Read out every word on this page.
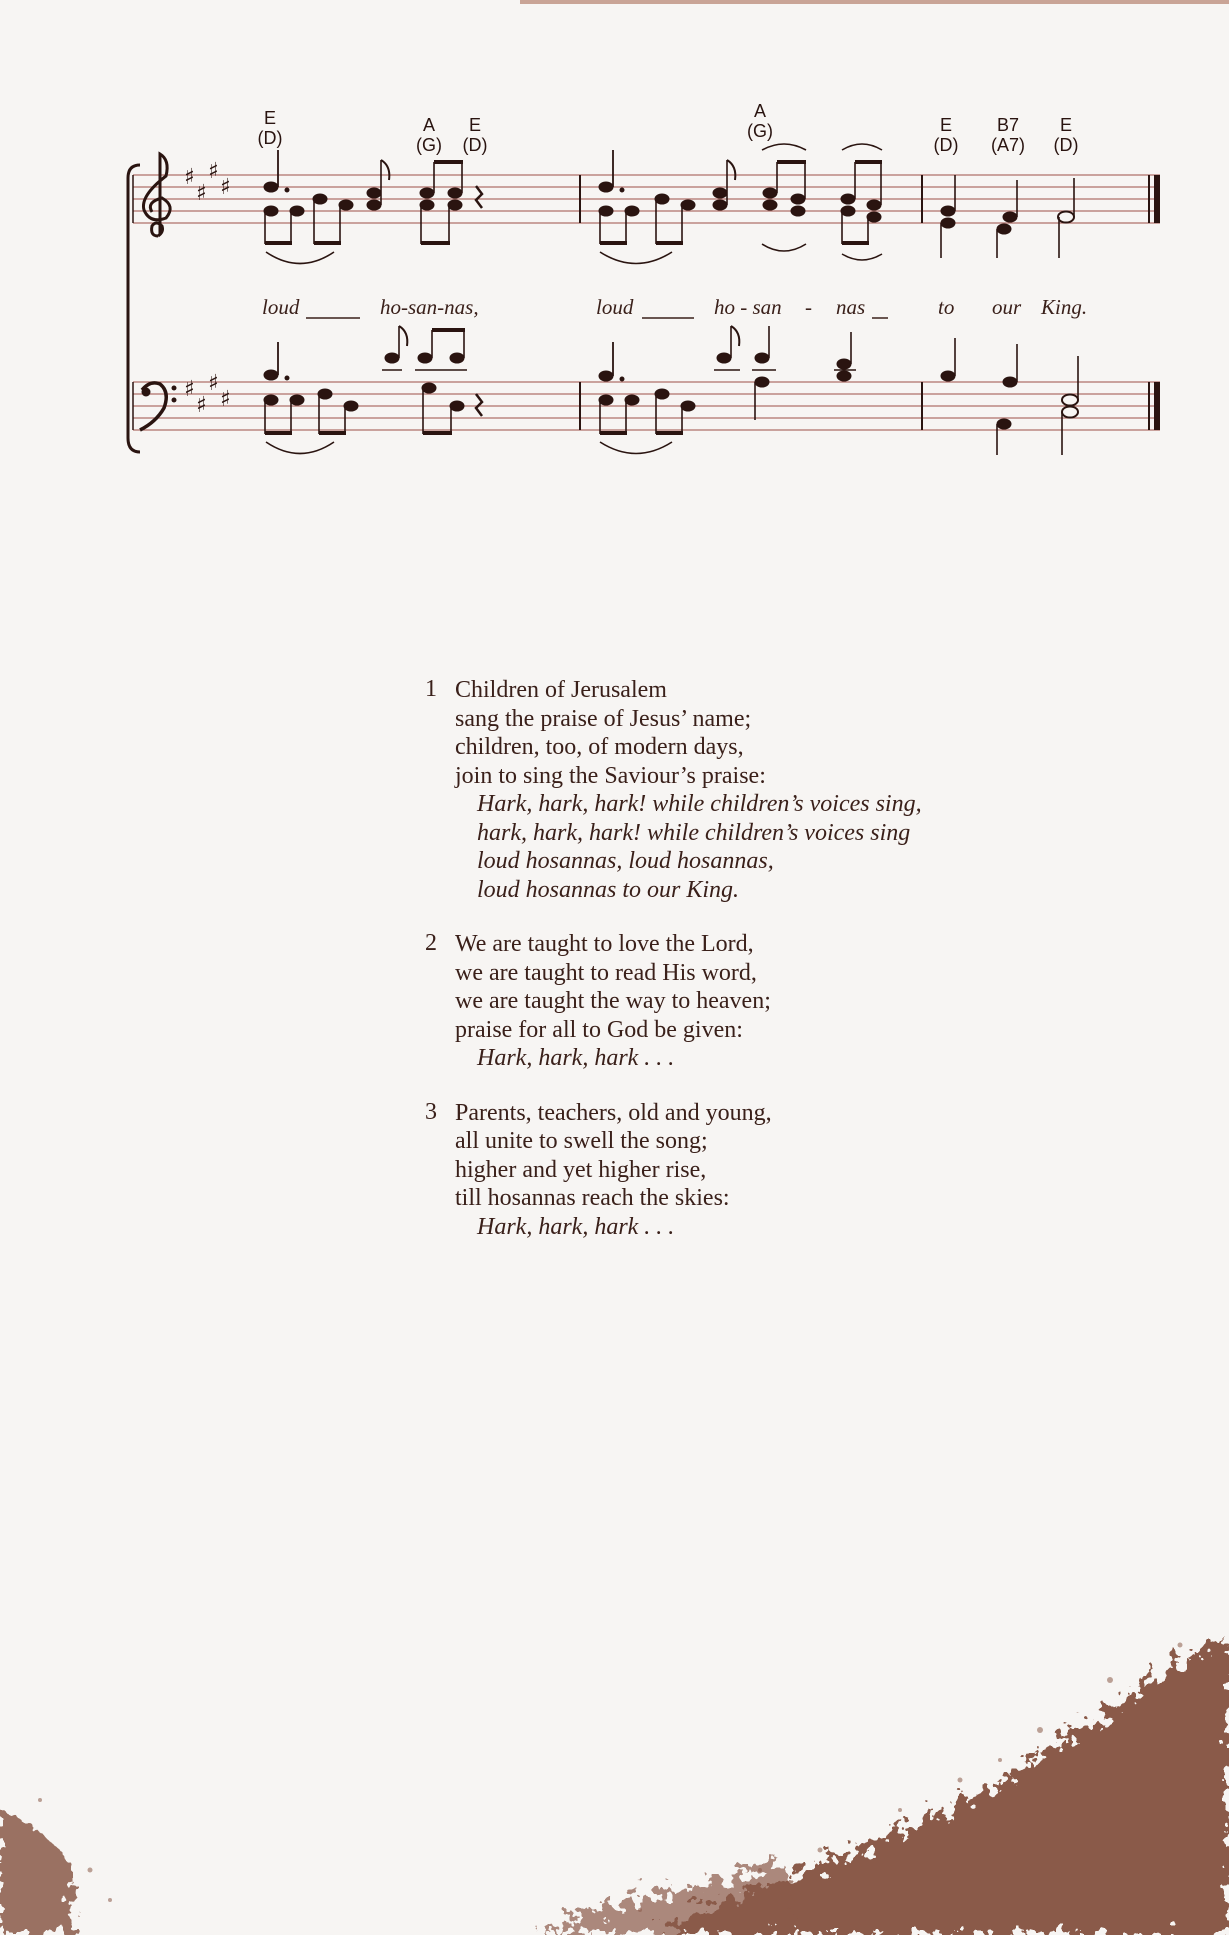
E
(D)
A
(G)
E
(D)
A
(G)	E
(D)
B7
(A7)
E
(D)
♯
♯
♯
♯
♯
♯
♯
♯
loud	ho-san-nas,	loud	ho - san - nas	to our King.
1 Children of Jerusalem
sang the praise of Jesus’ name;
children, too, of modern days,
join to sing the Saviour’s praise:
Hark, hark, hark! while children’s voices sing,
hark, hark, hark! while children’s voices sing
loud hosannas, loud hosannas,
loud hosannas to our King.
2 We are taught to love the Lord,
we are taught to read His word,
we are taught the way to heaven;
praise for all to God be given:
Hark, hark, hark . . .
3 Parents, teachers, old and young,
all unite to swell the song;
higher and yet higher rise,
till hosannas reach the skies:
Hark, hark, hark . . .
